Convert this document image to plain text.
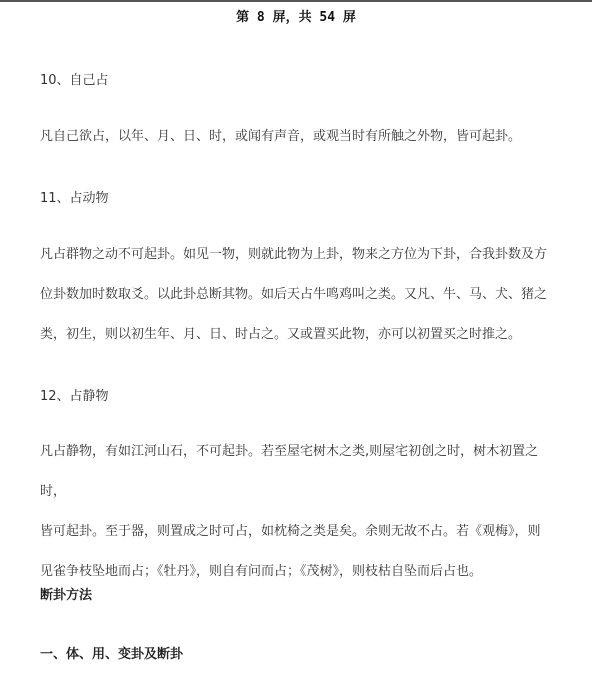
第 8 屏，共 54 屏
10、自己占
凡自己欲占，以年、月、日、时，或闻有声音，或观当时有所触之外物，皆可起卦。
11、占动物
凡占群物之动不可起卦。如见一物，则就此物为上卦，物来之方位为下卦，合我卦数及方
位卦数加时数取爻。以此卦总断其物。如后天占牛鸣鸡叫之类。又凡、牛、马、犬、猪之
类，初生，则以初生年、月、日、时占之。又或置买此物，亦可以初置买之时推之。
12、占静物
凡占静物，有如江河山石，不可起卦。若至屋宅树木之类,则屋宅初创之时，树木初置之时，
皆可起卦。至于器，则置成之时可占，如枕椅之类是矣。余则无故不占。若《观梅》，则
见雀争枝坠地而占；《牡丹》，则自有问而占；《茂树》，则枝枯自坠而后占也。
断卦方法
一、体、用、变卦及断卦
